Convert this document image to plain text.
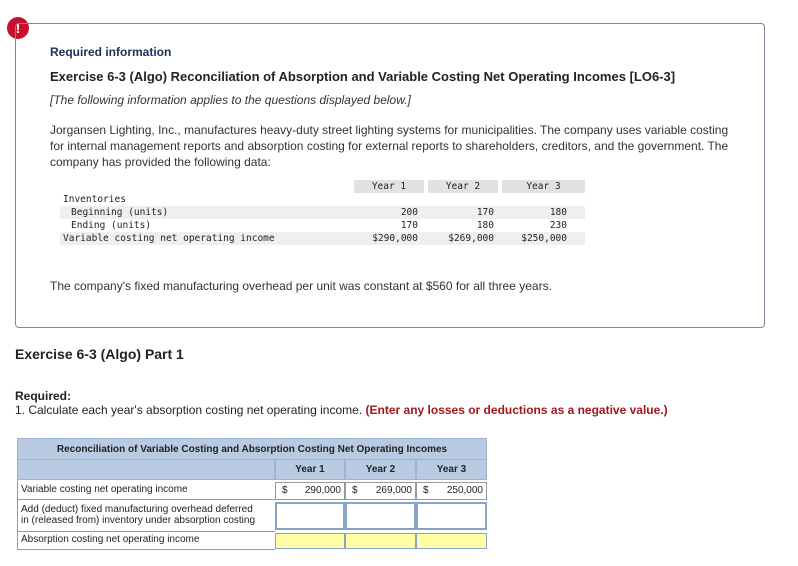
!
Required information
Exercise 6-3 (Algo) Reconciliation of Absorption and Variable Costing Net Operating Incomes [LO6-3]
[The following information applies to the questions displayed below.]
Jorgansen Lighting, Inc., manufactures heavy-duty street lighting systems for municipalities. The company uses variable costing for internal management reports and absorption costing for external reports to shareholders, creditors, and the government. The company has provided the following data:
Year 1	Year 2	Year 3
Inventories
Beginning (units)	200	170	180
Ending (units)	170	180	230
Variable costing net operating income	$290,000	$269,000	$250,000
The company's fixed manufacturing overhead per unit was constant at $560 for all three years.
Exercise 6-3 (Algo) Part 1
Required:
1. Calculate each year's absorption costing net operating income. (Enter any losses or deductions as a negative value.)
Reconciliation of Variable Costing and Absorption Costing Net Operating Incomes
Year 1	Year 2	Year 3
Variable costing net operating income	$ 290,000 $ 269,000 $ 250,000
Add (deduct) fixed manufacturing overhead deferred
in (released from) inventory under absorption costing
Absorption costing net operating income
